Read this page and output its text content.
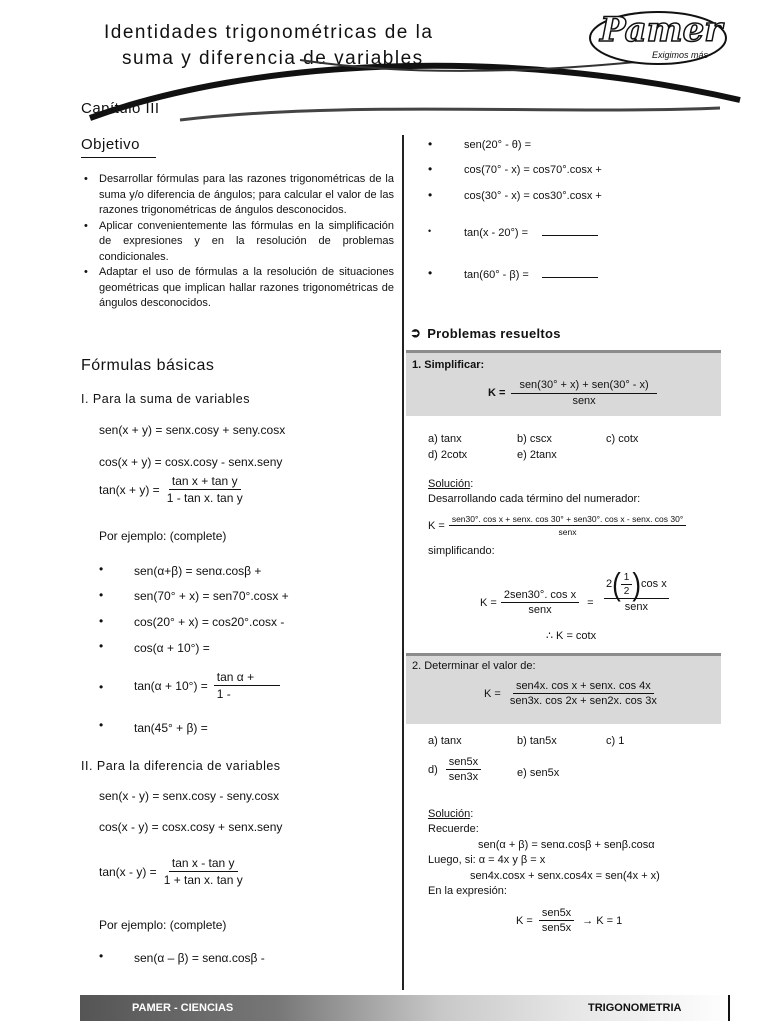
Identidades trigonométricas de la
suma y diferencia de variables
Pamer
Exigimos más
Capítulo III
Objetivo
• Desarrollar fórmulas para las razones trigonométricas de la suma y/o diferencia de ángulos; para calcular el valor de las razones trigonométricas de ángulos desconocidos.
• Aplicar convenientemente las fórmulas en la simplificación de expresiones y en la resolución de problemas condicionales.
• Adaptar el uso de fórmulas a la resolución de situaciones geométricas que implican hallar razones trigonométricas de ángulos desconocidos.
Fórmulas básicas
I. Para la suma de variables
sen(x + y) = senx.cosy + seny.cosx
cos(x + y) = cosx.cosy - senx.seny
$\tan(x + y) = \frac{\text{tan x + tan y}}{\text{1 - tan x. tan y}}$
Por ejemplo: (complete)
•	sen(α+β) = senα.cosβ +
•	sen(70° + x) = sen70°.cosx +
•	cos(20° + x) = cos20°.cosx -
•	cos(α + 10°) =
•	$\tan(\alpha + 10^\circ) = \frac{\text{tan α +}}{1 -}$
•	tan(45° + β) =
II. Para la diferencia de variables
sen(x - y) = senx.cosy - seny.cosx
cos(x - y) = cosx.cosy + senx.seny
$\tan(x - y) = \frac{\text{tan x - tan y}}{\text{1 + tan x. tan y}}$
Por ejemplo: (complete)
•	sen(α – β) = senα.cosβ -
•	sen(20° - θ) =
•	cos(70° - x) = cos70°.cosx +
•	cos(30° - x) = cos30°.cosx +
•	tan(x - 20°) =
•	tan(60° - β) =
➲ Problemas resueltos
1. Simplificar:
$K = \frac{\text{sen(30° + x) + sen(30° - x)}}{\text{senx}}$
a) tanx	b) cscx	c) cotx
d) 2cotx	e) 2tanx
Solución:
Desarrollando cada término del numerador:
K =
sen30°. cos x + senx. cos 30° + sen30°. cos x - senx. cos 30°
senx
simplificando:
$K = \frac{\text{2sen30°. cos x}}{\text{senx}}$ =
2 ( $\frac{1}{2}$ ) cos x
senx
∴ K = cotx
2. Determinar el valor de:
$K = \frac{\text{sen4x. cos x + senx. cos 4x}}{\text{sen3x. cos 2x + sen2x. cos 3x}}$
a) tanx	b) tan5x	c) 1
$d) \frac{\text{sen5x}}{\text{sen3x}}$	e) sen5x
Solución:
Recuerde:
sen(α + β) = senα.cosβ + senβ.cosα
Luego, si: α = 4x y β = x
sen4x.cosx + senx.cos4x = sen(4x + x)
En la expresión:
$K = \frac{\text{sen5x}}{\text{sen5x}} \to K = 1$
PAMER - CIENCIAS	TRIGONOMETRIA
